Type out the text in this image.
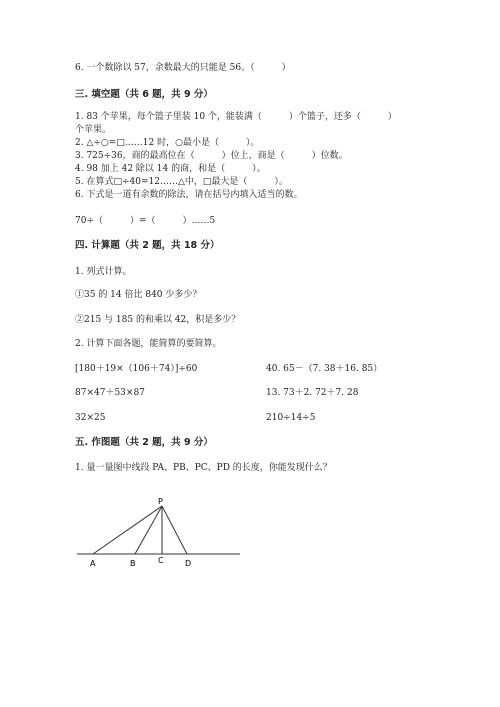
6. 一个数除以 57，余数最大的只能是 56。（　　　）
三. 填空题（共 6 题，共 9 分）
1. 83 个苹果，每个篮子里装 10 个，能装满（　　　）个篮子，还多（　　　）
个苹果。
2. △÷○=□……12 时，○最小是（　　　）。
3. 725÷36，商的最高位在（　　　）位上，商是（　　　）位数。
4. 98 加上 42 除以 14 的商，和是（　　　）。
5. 在算式□÷40=12……△中，□最大是（　　　）。
6. 下式是一道有余数的除法，请在括号内填入适当的数。
70÷（　　　）=（　　　）……5
四. 计算题（共 2 题，共 18 分）
1. 列式计算。
①35 的 14 倍比 840 少多少？
②215 与 185 的和乘以 42，积是多少？
2. 计算下面各题，能简算的要简算。
[180＋19×（106＋74）]÷60	40. 65－（7. 38＋16. 85）
87×47＋53×87	13. 73＋2. 72＋7. 28
32×25	210÷14÷5
五. 作图题（共 2 题，共 9 分）
1. 量一量图中线段 PA、PB、PC、PD 的长度，你能发现什么？
P
A	B	C	D
